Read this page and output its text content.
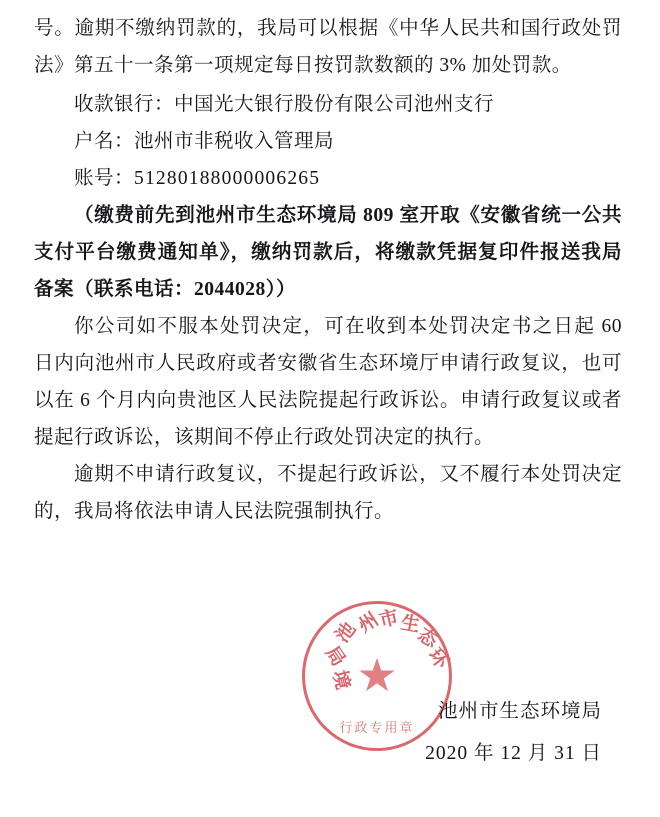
号。逾期不缴纳罚款的，我局可以根据《中华人民共和国行政处罚法》第五十一条第一项规定每日按罚款数额的 3% 加处罚款。

收款银行：中国光大银行股份有限公司池州支行

户名：池州市非税收入管理局

账号：51280188000006265

（缴费前先到池州市生态环境局 809 室开取《安徽省统一公共支付平台缴费通知单》，缴纳罚款后，将缴款凭据复印件报送我局备案（联系电话：2044028））

你公司如不服本处罚决定，可在收到本处罚决定书之日起 60 日内向池州市人民政府或者安徽省生态环境厅申请行政复议，也可以在 6 个月内向贵池区人民法院提起行政诉讼。申请行政复议或者提起行政诉讼，该期间不停止行政处罚决定的执行。

逾期不申请行政复议，不提起行政诉讼，又不履行本处罚决定的，我局将依法申请人民法院强制执行。

★
池
州
市
生
态
环
局
境
行政专用章
池州市生态环境局
2020 年 12 月 31 日
